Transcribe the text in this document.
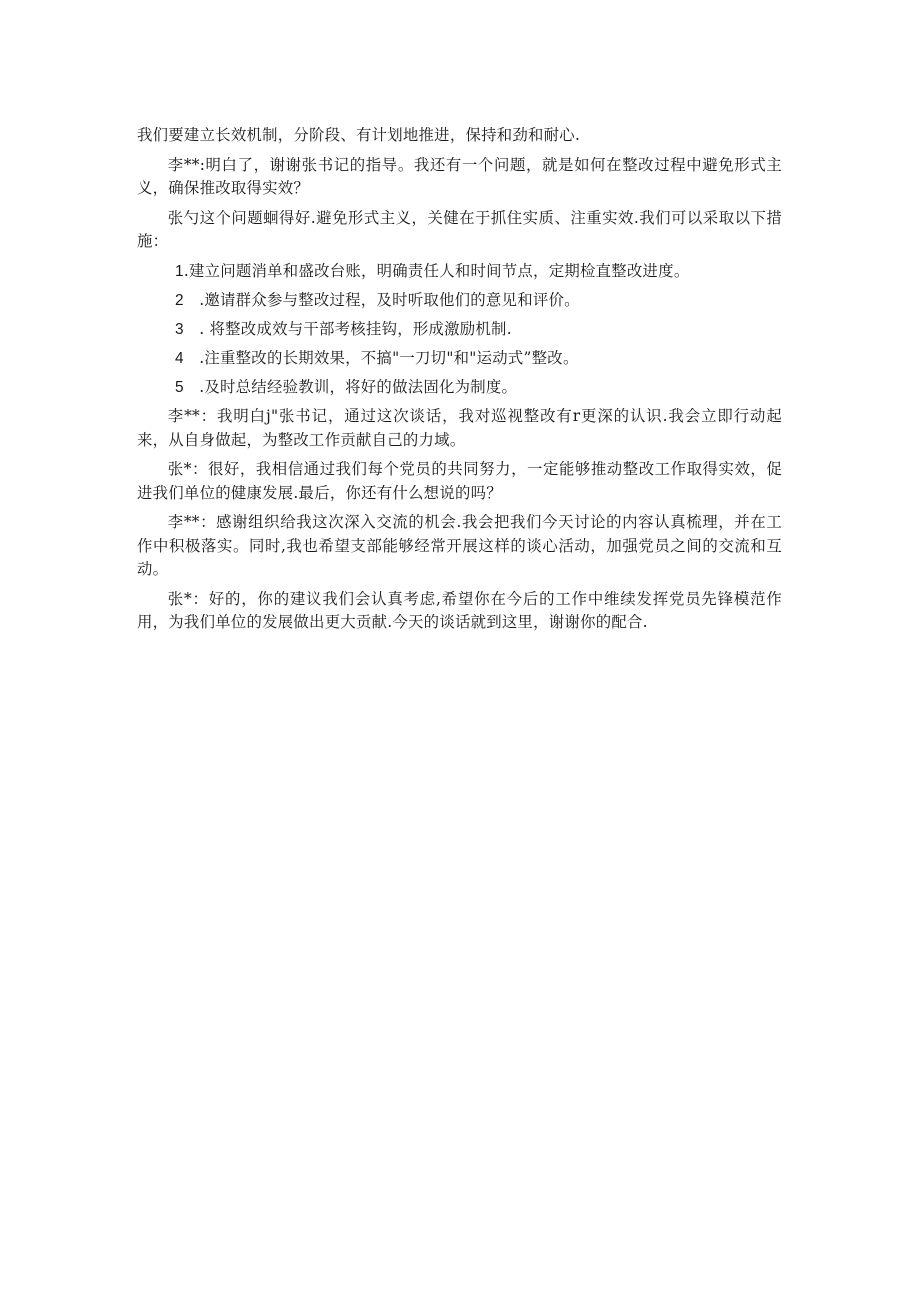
我们要建立长效机制，分阶段、有计划地推进，保持和劲和耐心.

李**:明白了，谢谢张书记的指导。我还有一个问题，就是如何在整改过程中避免形式主义，确保推改取得实效？

张勺这个问题蛔得好.避免形式主义，关健在于抓住实质、注重实效.我们可以采取以下措施：

1.建立问题消单和盛改台账，明确责任人和时间节点，定期检直整改进度。
2   .邀请群众参与整改过程，及时听取他们的意见和评价。
3   . 将整改成效与干部考核挂钩，形成激励机制.
4   .注重整改的长期效果，不搞"一刀切"和"运动式”整改。
5   .及时总结经验教训，将好的做法固化为制度。

李**：我明白j"张书记，通过这次谈话，我对巡视整改有r更深的认识.我会立即行动起来，从自身做起，为整改工作贡献自己的力域。

张*：很好，我相信通过我们每个党员的共同努力，一定能够推动整改工作取得实效，促进我们单位的健康发展.最后，你还有什么想说的吗？

李**：感谢组织给我这次深入交流的机会.我会把我们今天讨论的内容认真梳理，并在工作中积极落实。同时,我也希望支部能够经常开展这样的谈心活动，加强党员之间的交流和互动。

张*：好的，你的建议我们会认真考虑,希望你在今后的工作中维续发挥党员先锋模范作用，为我们单位的发展做出更大贡献.今天的谈话就到这里，谢谢你的配合.
